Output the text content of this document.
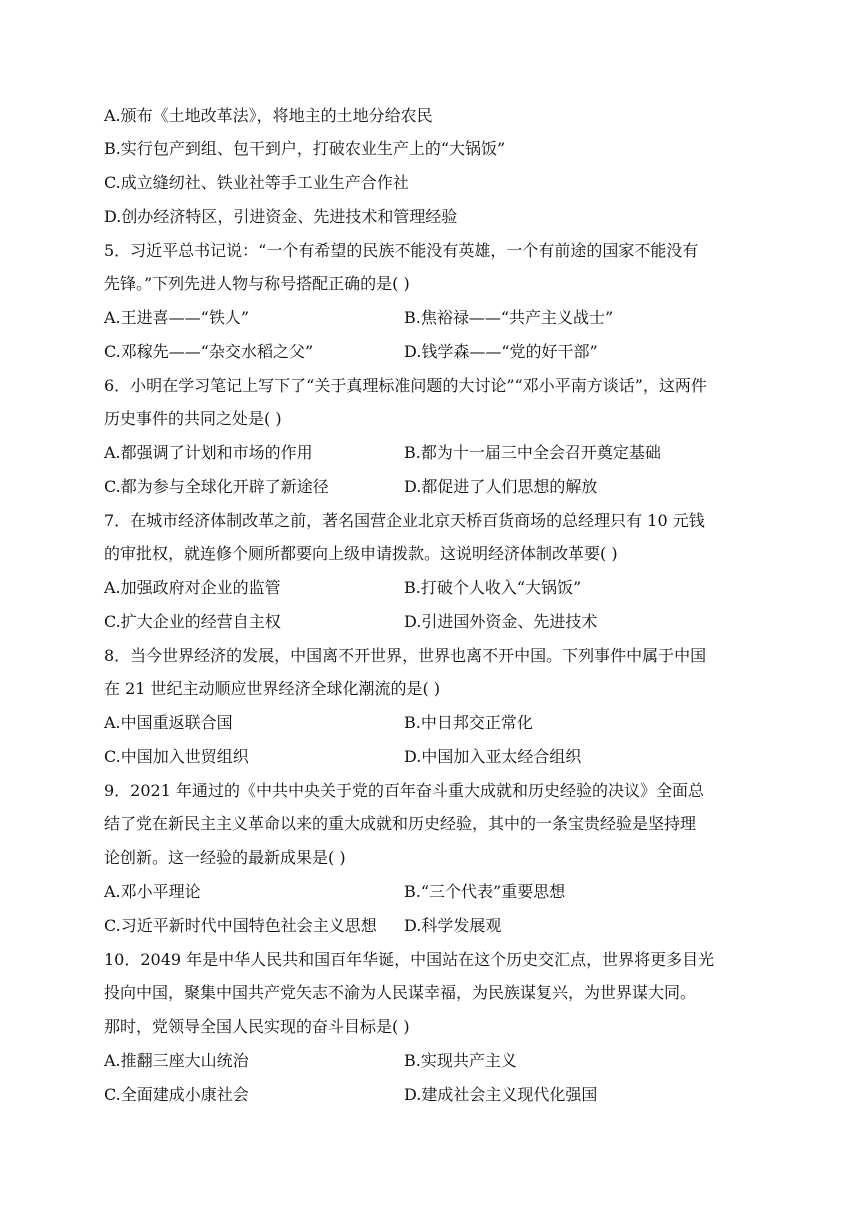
A.颁布《土地改革法》，将地主的土地分给农民
B.实行包产到组、包干到户，打破农业生产上的“大锅饭”
C.成立缝纫社、铁业社等手工业生产合作社
D.创办经济特区，引进资金、先进技术和管理经验
5．习近平总书记说：“一个有希望的民族不能没有英雄，一个有前途的国家不能没有
先锋。”下列先进人物与称号搭配正确的是( )
A.王进喜——“铁人”	B.焦裕禄——“共产主义战士”
C.邓稼先——“杂交水稻之父”	D.钱学森——“党的好干部”
6．小明在学习笔记上写下了“关于真理标准问题的大讨论”“邓小平南方谈话”，这两件
历史事件的共同之处是( )
A.都强调了计划和市场的作用	B.都为十一届三中全会召开奠定基础
C.都为参与全球化开辟了新途径	D.都促进了人们思想的解放
7．在城市经济体制改革之前，著名国营企业北京天桥百货商场的总经理只有 10 元钱
的审批权，就连修个厕所都要向上级申请拨款。这说明经济体制改革要( )
A.加强政府对企业的监管	B.打破个人收入“大锅饭”
C.扩大企业的经营自主权	D.引进国外资金、先进技术
8．当今世界经济的发展，中国离不开世界，世界也离不开中国。下列事件中属于中国
在 21 世纪主动顺应世界经济全球化潮流的是( )
A.中国重返联合国	B.中日邦交正常化
C.中国加入世贸组织	D.中国加入亚太经合组织
9．2021 年通过的《中共中央关于党的百年奋斗重大成就和历史经验的决议》全面总
结了党在新民主主义革命以来的重大成就和历史经验，其中的一条宝贵经验是坚持理
论创新。这一经验的最新成果是( )
A.邓小平理论	B.“三个代表”重要思想
C.习近平新时代中国特色社会主义思想	D.科学发展观
10．2049 年是中华人民共和国百年华诞，中国站在这个历史交汇点，世界将更多目光
投向中国，聚集中国共产党矢志不渝为人民谋幸福，为民族谋复兴，为世界谋大同。
那时，党领导全国人民实现的奋斗目标是( )
A.推翻三座大山统治	B.实现共产主义
C.全面建成小康社会	D.建成社会主义现代化强国
